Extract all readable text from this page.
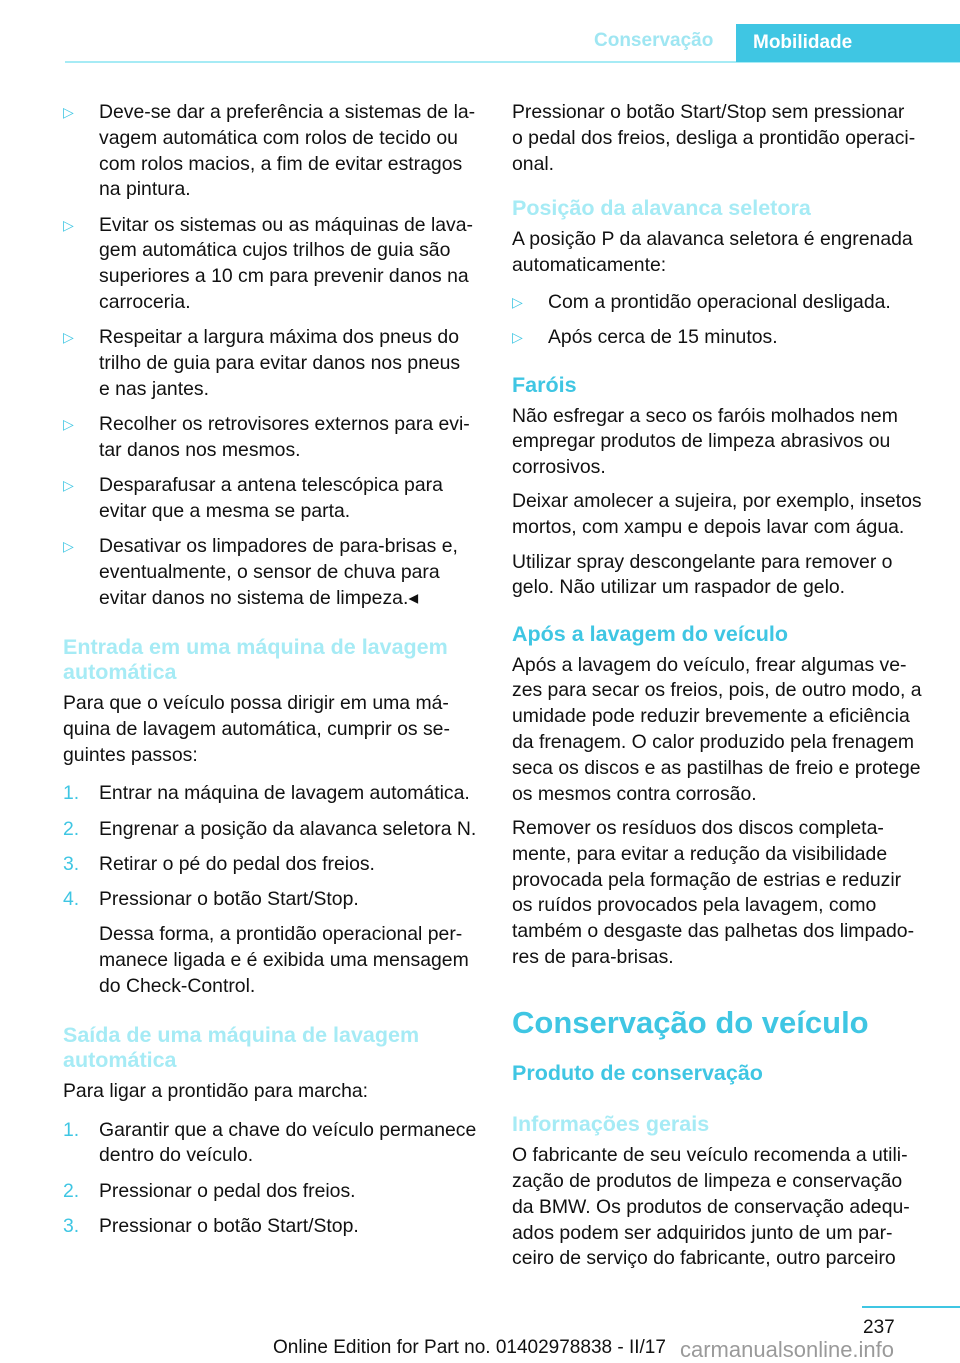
Conservação	Mobilidade
▷ Deve-se dar a preferência a sistemas de la-
vagem automática com rolos de tecido ou
com rolos macios, a fim de evitar estragos
na pintura.
▷ Evitar os sistemas ou as máquinas de lava-
gem automática cujos trilhos de guia são
superiores a 10 cm para prevenir danos na
carroceria.
▷ Respeitar a largura máxima dos pneus do
trilho de guia para evitar danos nos pneus
e nas jantes.
▷ Recolher os retrovisores externos para evi-
tar danos nos mesmos.
▷ Desparafusar a antena telescópica para
evitar que a mesma se parta.
▷ Desativar os limpadores de para-brisas e,
eventualmente, o sensor de chuva para
evitar danos no sistema de limpeza.◂
Entrada em uma máquina de lavagem
automática
Para que o veículo possa dirigir em uma má-
quina de lavagem automática, cumprir os se-
guintes passos:
1. Entrar na máquina de lavagem automática.
2. Engrenar a posição da alavanca seletora N.
3. Retirar o pé do pedal dos freios.
4. Pressionar o botão Start/Stop.
Dessa forma, a prontidão operacional per-
manece ligada e é exibida uma mensagem
do Check-Control.
Saída de uma máquina de lavagem
automática
Para ligar a prontidão para marcha:
1. Garantir que a chave do veículo permanece
dentro do veículo.
2. Pressionar o pedal dos freios.
3. Pressionar o botão Start/Stop.
Pressionar o botão Start/Stop sem pressionar
o pedal dos freios, desliga a prontidão operaci-
onal.
Posição da alavanca seletora
A posição P da alavanca seletora é engrenada
automaticamente:
▷ Com a prontidão operacional desligada.
▷ Após cerca de 15 minutos.
Faróis
Não esfregar a seco os faróis molhados nem
empregar produtos de limpeza abrasivos ou
corrosivos.
Deixar amolecer a sujeira, por exemplo, insetos
mortos, com xampu e depois lavar com água.
Utilizar spray descongelante para remover o
gelo. Não utilizar um raspador de gelo.
Após a lavagem do veículo
Após a lavagem do veículo, frear algumas ve-
zes para secar os freios, pois, de outro modo, a
umidade pode reduzir brevemente a eficiência
da frenagem. O calor produzido pela frenagem
seca os discos e as pastilhas de freio e protege
os mesmos contra corrosão.
Remover os resíduos dos discos completa-
mente, para evitar a redução da visibilidade
provocada pela formação de estrias e reduzir
os ruídos provocados pela lavagem, como
também o desgaste das palhetas dos limpado-
res de para-brisas.
Conservação do veículo
Produto de conservação
Informações gerais
O fabricante de seu veículo recomenda a utili-
zação de produtos de limpeza e conservação
da BMW. Os produtos de conservação adequ-
ados podem ser adquiridos junto de um par-
ceiro de serviço do fabricante, outro parceiro
237
Online Edition for Part no. 01402978838 - II/17 carmanualsonline.info
